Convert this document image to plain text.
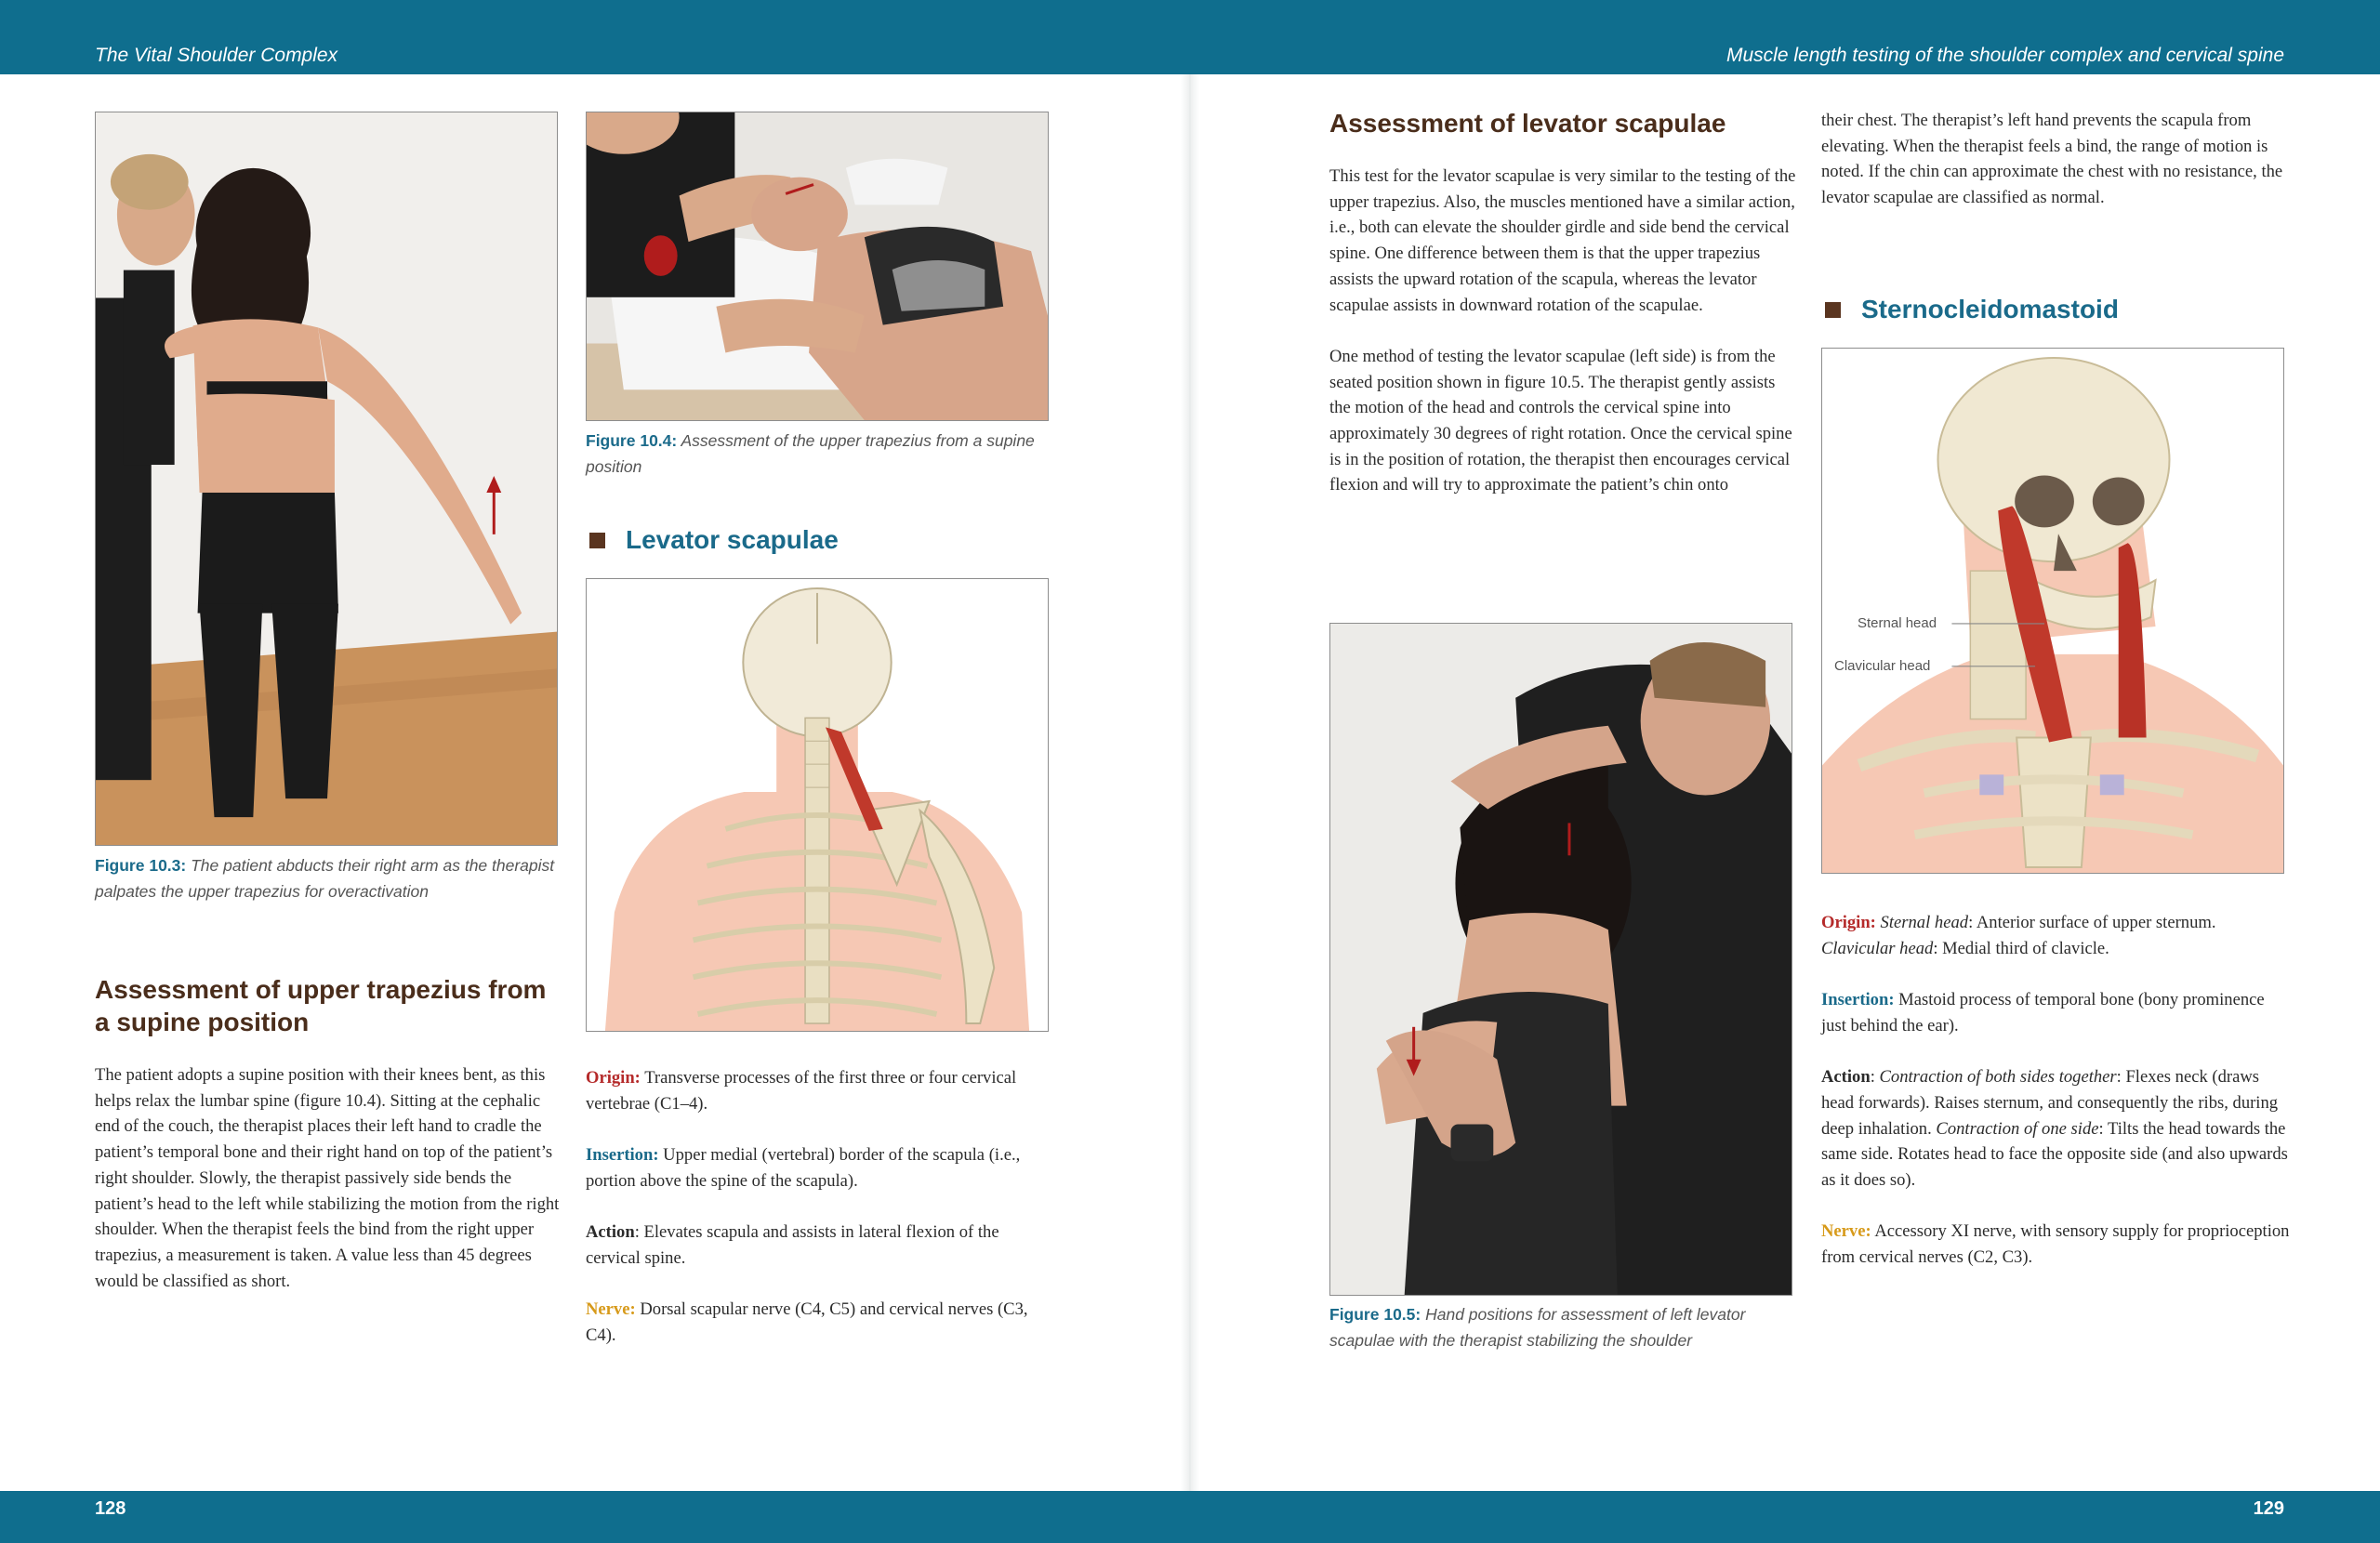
The Vital Shoulder Complex	Muscle length testing of the shoulder complex and cervical spine
Figure 10.3: The patient abducts their right arm as the therapist palpates the upper trapezius for overactivation
Assessment of upper trapezius from a supine position

The patient adopts a supine position with their knees bent, as this helps relax the lumbar spine (figure 10.4). Sitting at the cephalic end of the couch, the therapist places their left hand to cradle the patient’s temporal bone and their right hand on top of the patient’s right shoulder. Slowly, the therapist passively side bends the patient’s head to the left while stabilizing the motion from the right shoulder. When the therapist feels the bind from the right upper trapezius, a measurement is taken. A value less than 45 degrees would be classified as short.

Figure 10.4: Assessment of the upper trapezius from a supine position
Levator scapulae

Origin: Transverse processes of the first three or four cervical vertebrae (C1–4).

Insertion: Upper medial (vertebral) border of the scapula (i.e., portion above the spine of the scapula).

Action: Elevates scapula and assists in lateral flexion of the cervical spine.

Nerve: Dorsal scapular nerve (C4, C5) and cervical nerves (C3, C4).

Assessment of levator scapulae

This test for the levator scapulae is very similar to the testing of the upper trapezius. Also, the muscles mentioned have a similar action, i.e., both can elevate the shoulder girdle and side bend the cervical spine. One difference between them is that the upper trapezius assists the upward rotation of the scapula, whereas the levator scapulae assists in downward rotation of the scapulae.

One method of testing the levator scapulae (left side) is from the seated position shown in figure 10.5. The therapist gently assists the motion of the head and controls the cervical spine into approximately 30 degrees of right rotation. Once the cervical spine is in the position of rotation, the therapist then encourages cervical flexion and will try to approximate the patient’s chin onto

Figure 10.5: Hand positions for assessment of left levator scapulae with the therapist stabilizing the shoulder

their chest. The therapist’s left hand prevents the scapula from elevating. When the therapist feels a bind, the range of motion is noted. If the chin can approximate the chest with no resistance, the levator scapulae are classified as normal.

Sternocleidomastoid
Sternal head
Clavicular head

Origin: Sternal head: Anterior surface of upper sternum.
Clavicular head: Medial third of clavicle.

Insertion: Mastoid process of temporal bone (bony prominence just behind the ear).

Action: Contraction of both sides together: Flexes neck (draws head forwards). Raises sternum, and consequently the ribs, during deep inhalation. Contraction of one side: Tilts the head towards the same side. Rotates head to face the opposite side (and also upwards as it does so).

Nerve: Accessory XI nerve, with sensory supply for proprioception from cervical nerves (C2, C3).

128	129
